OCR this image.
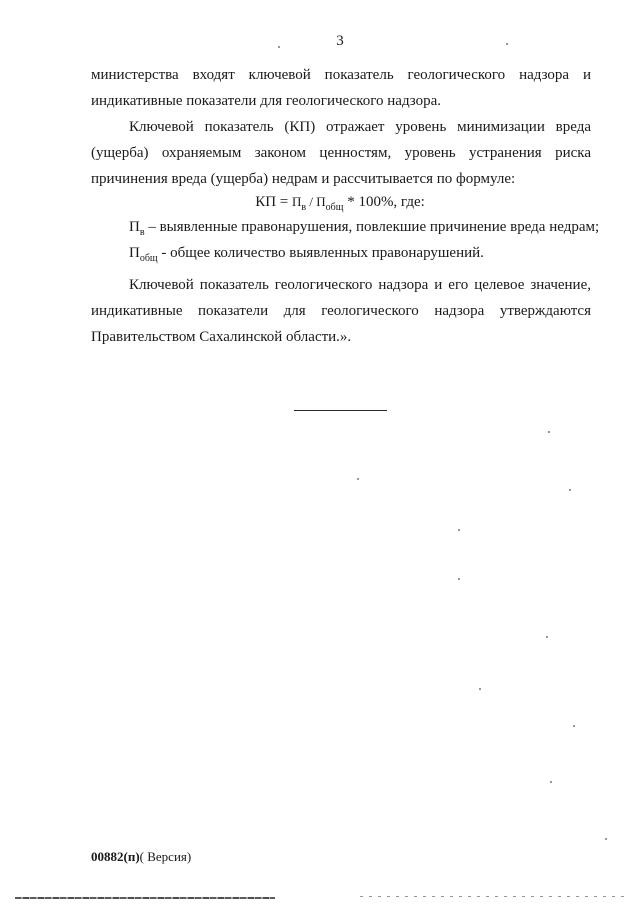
3

министерства входят ключевой показатель геологического надзора и индикативные показатели для геологического надзора.

Ключевой показатель (КП) отражает уровень минимизации вреда (ущерба) охраняемым законом ценностям, уровень устранения риска причинения вреда (ущерба) недрам и рассчитывается по формуле:

КП = $П_в / П_{общ} * 100\%$, где:
$П_в$ – выявленные правонарушения, повлекшие причинение вреда недрам;
$П_{общ}$ - общее количество выявленных правонарушений.

Ключевой показатель геологического надзора и его целевое значение, индикативные показатели для геологического надзора утверждаются Правительством Сахалинской области.».

00882(п)( Версия)
